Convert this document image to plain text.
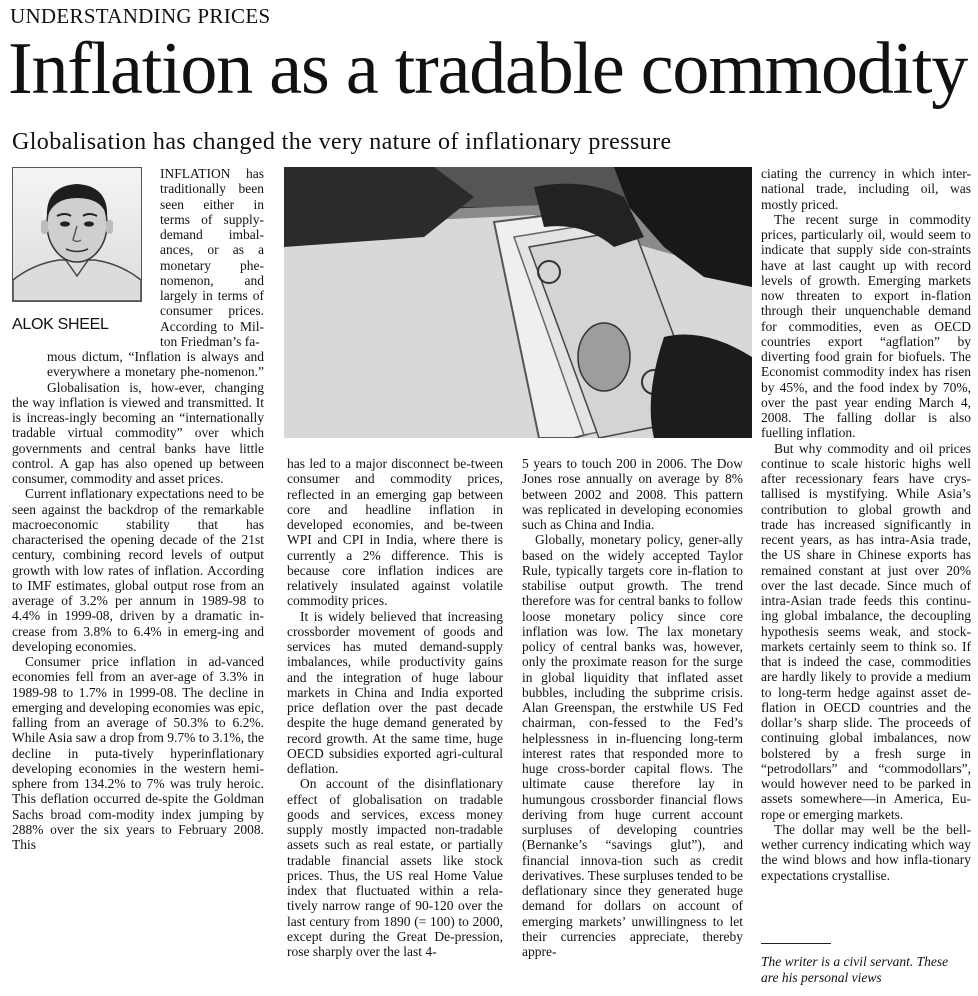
UNDERSTANDING PRICES
Inflation as a tradable commodity
Globalisation has changed the very nature of inflationary pressure
ALOK SHEEL
INFLATION has
traditionally been
seen either in
terms of supply-
demand imbal-
ances, or as a
monetary phe-
nomenon, and
largely in terms of
consumer prices.
According to Mil-
ton Friedman’s fa-

mous dictum, “Inflation is always and everywhere a monetary phe-nomenon.” Globalisation is, how-ever, changing the way inflation is viewed and transmitted. It is increas-ingly becoming an “internationally tradable virtual commodity” over which governments and central banks have little control. A gap has also opened up between consumer, commodity and asset prices.

Current inflationary expectations need to be seen against the backdrop of the remarkable macroeconomic stability that has characterised the opening decade of the 21st century, combining record levels of output growth with low rates of inflation. According to IMF estimates, global output rose from an average of 3.2% per annum in 1989-98 to 4.4% in 1999-08, driven by a dramatic in-crease from 3.8% to 6.4% in emerg-ing and developing economies.

Consumer price inflation in ad-vanced economies fell from an aver-age of 3.3% in 1989-98 to 1.7% in 1999-08. The decline in emerging and developing economies was epic, falling from an average of 50.3% to 6.2%. While Asia saw a drop from 9.7% to 3.1%, the decline in puta-tively hyperinflationary developing economies in the western hemi-sphere from 134.2% to 7% was truly heroic. This deflation occurred de-spite the Goldman Sachs broad com-modity index jumping by 288% over the six years to February 2008. This

has led to a major disconnect be-tween consumer and commodity prices, reflected in an emerging gap between core and headline inflation in developed economies, and be-tween WPI and CPI in India, where there is currently a 2% difference. This is because core inflation indices are relatively insulated against volatile commodity prices.

It is widely believed that increasing crossborder movement of goods and services has muted demand-supply imbalances, while productivity gains and the integration of huge labour markets in China and India exported price deflation over the past decade despite the huge demand generated by record growth. At the same time, huge OECD subsidies exported agri-cultural deflation.

On account of the disinflationary effect of globalisation on tradable goods and services, excess money supply mostly impacted non-tradable assets such as real estate, or partially tradable financial assets like stock prices. Thus, the US real Home Value index that fluctuated within a rela-tively narrow range of 90-120 over the last century from 1890 (= 100) to 2000, except during the Great De-pression, rose sharply over the last 4-

5 years to touch 200 in 2006. The Dow Jones rose annually on average by 8% between 2002 and 2008. This pattern was replicated in developing economies such as China and India.

Globally, monetary policy, gener-ally based on the widely accepted Taylor Rule, typically targets core in-flation to stabilise output growth. The trend therefore was for central banks to follow loose monetary policy since core inflation was low. The lax monetary policy of central banks was, however, only the proximate reason for the surge in global liquidity that inflated asset bubbles, including the subprime crisis. Alan Greenspan, the erstwhile US Fed chairman, con-fessed to the Fed’s helplessness in in-fluencing long-term interest rates that responded more to huge cross-border capital flows. The ultimate cause therefore lay in humungous crossborder financial flows deriving from huge current account surpluses of developing countries (Bernanke’s “savings glut”), and financial innova-tion such as credit derivatives. These surpluses tended to be deflationary since they generated huge demand for dollars on account of emerging markets’ unwillingness to let their currencies appreciate, thereby appre-

ciating the currency in which inter-national trade, including oil, was mostly priced.

The recent surge in commodity prices, particularly oil, would seem to indicate that supply side con-straints have at last caught up with record levels of growth. Emerging markets now threaten to export in-flation through their unquenchable demand for commodities, even as OECD countries export “agflation” by diverting food grain for biofuels. The Economist commodity index has risen by 45%, and the food index by 70%, over the past year ending March 4, 2008. The falling dollar is also fuelling inflation.

But why commodity and oil prices continue to scale historic highs well after recessionary fears have crys-tallised is mystifying. While Asia’s contribution to global growth and trade has increased significantly in recent years, as has intra-Asia trade, the US share in Chinese exports has remained constant at just over 20% over the last decade. Since much of intra-Asian trade feeds this continu-ing global imbalance, the decoupling hypothesis seems weak, and stock-markets certainly seem to think so. If that is indeed the case, commodities are hardly likely to provide a medium to long-term hedge against asset de-flation in OECD countries and the dollar’s sharp slide. The proceeds of continuing global imbalances, now bolstered by a fresh surge in “petrodollars” and “commodollars”, would however need to be parked in assets somewhere—in America, Eu-rope or emerging markets.

The dollar may well be the bell-wether currency indicating which way the wind blows and how infla-tionary expectations crystallise.

The writer is a civil servant. These
are his personal views
